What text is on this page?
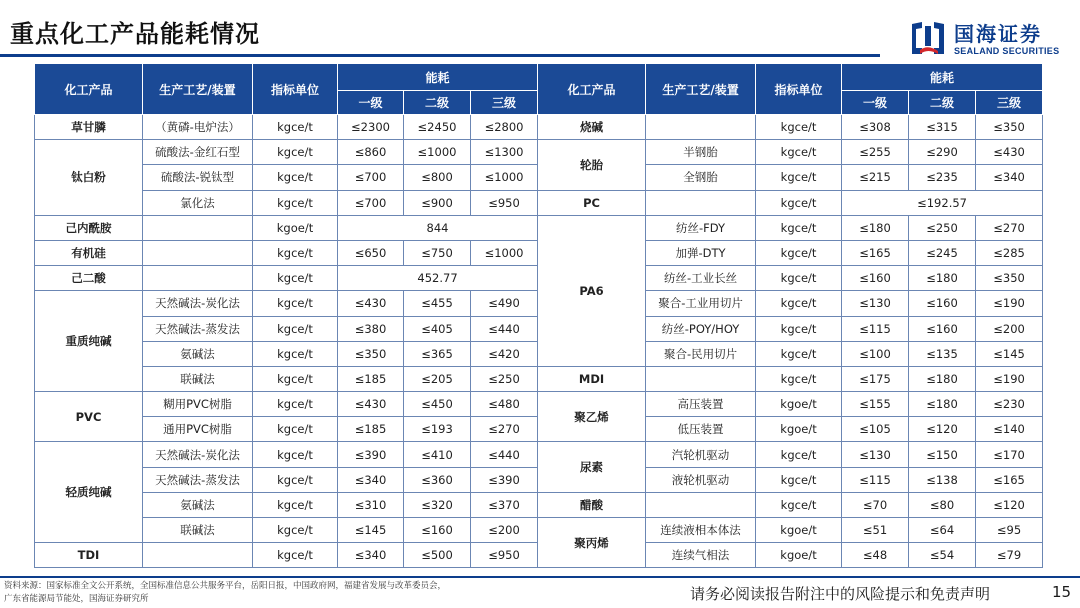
重点化工产品能耗情况	国海证券
SEALAND SECURITIES
化工产品	生产工艺/装置	指标单位	能耗			化工产品	生产工艺/装置	指标单位	能耗		
			一级	二级	三级				一级	二级	三级
草甘膦	（黄磷-电炉法）	kgce/t	≤2300	≤2450	≤2800	烧碱		kgce/t	≤308	≤315	≤350
钛白粉	硫酸法-金红石型	kgce/t	≤860	≤1000	≤1300	轮胎	半钢胎	kgce/t	≤255	≤290	≤430
	硫酸法-锐钛型	kgce/t	≤700	≤800	≤1000		全钢胎	kgce/t	≤215	≤235	≤340
	氯化法	kgce/t	≤700	≤900	≤950	PC		kgce/t	≤192.57		
己内酰胺		kgoe/t	844			PA6	纺丝-FDY	kgce/t	≤180	≤250	≤270
有机硅		kgce/t	≤650	≤750	≤1000		加弹-DTY	kgce/t	≤165	≤245	≤285
己二酸		kgce/t	452.77				纺丝-工业长丝	kgce/t	≤160	≤180	≤350
重质纯碱	天然碱法-炭化法	kgce/t	≤430	≤455	≤490		聚合-工业用切片	kgce/t	≤130	≤160	≤190
	天然碱法-蒸发法	kgce/t	≤380	≤405	≤440		纺丝-POY/HOY	kgce/t	≤115	≤160	≤200
	氨碱法	kgce/t	≤350	≤365	≤420		聚合-民用切片	kgce/t	≤100	≤135	≤145
	联碱法	kgce/t	≤185	≤205	≤250	MDI		kgce/t	≤175	≤180	≤190
PVC	糊用PVC树脂	kgce/t	≤430	≤450	≤480	聚乙烯	高压装置	kgoe/t	≤155	≤180	≤230
	通用PVC树脂	kgce/t	≤185	≤193	≤270		低压装置	kgoe/t	≤105	≤120	≤140
轻质纯碱	天然碱法-炭化法	kgce/t	≤390	≤410	≤440	尿素	汽轮机驱动	kgce/t	≤130	≤150	≤170
	天然碱法-蒸发法	kgce/t	≤340	≤360	≤390		液轮机驱动	kgce/t	≤115	≤138	≤165
	氨碱法	kgce/t	≤310	≤320	≤370	醋酸		kgce/t	≤70	≤80	≤120
	联碱法	kgce/t	≤145	≤160	≤200	聚丙烯	连续液相本体法	kgoe/t	≤51	≤64	≤95
TDI		kgce/t	≤340	≤500	≤950		连续气相法	kgoe/t	≤48	≤54	≤79
资料来源：国家标准全文公开系统，全国标准信息公共服务平台，岳阳日报，中国政府网，福建省发展与改革委员会，
广东省能源局节能处，国海证券研究所	请务必阅读报告附注中的风险提示和免责声明	15
